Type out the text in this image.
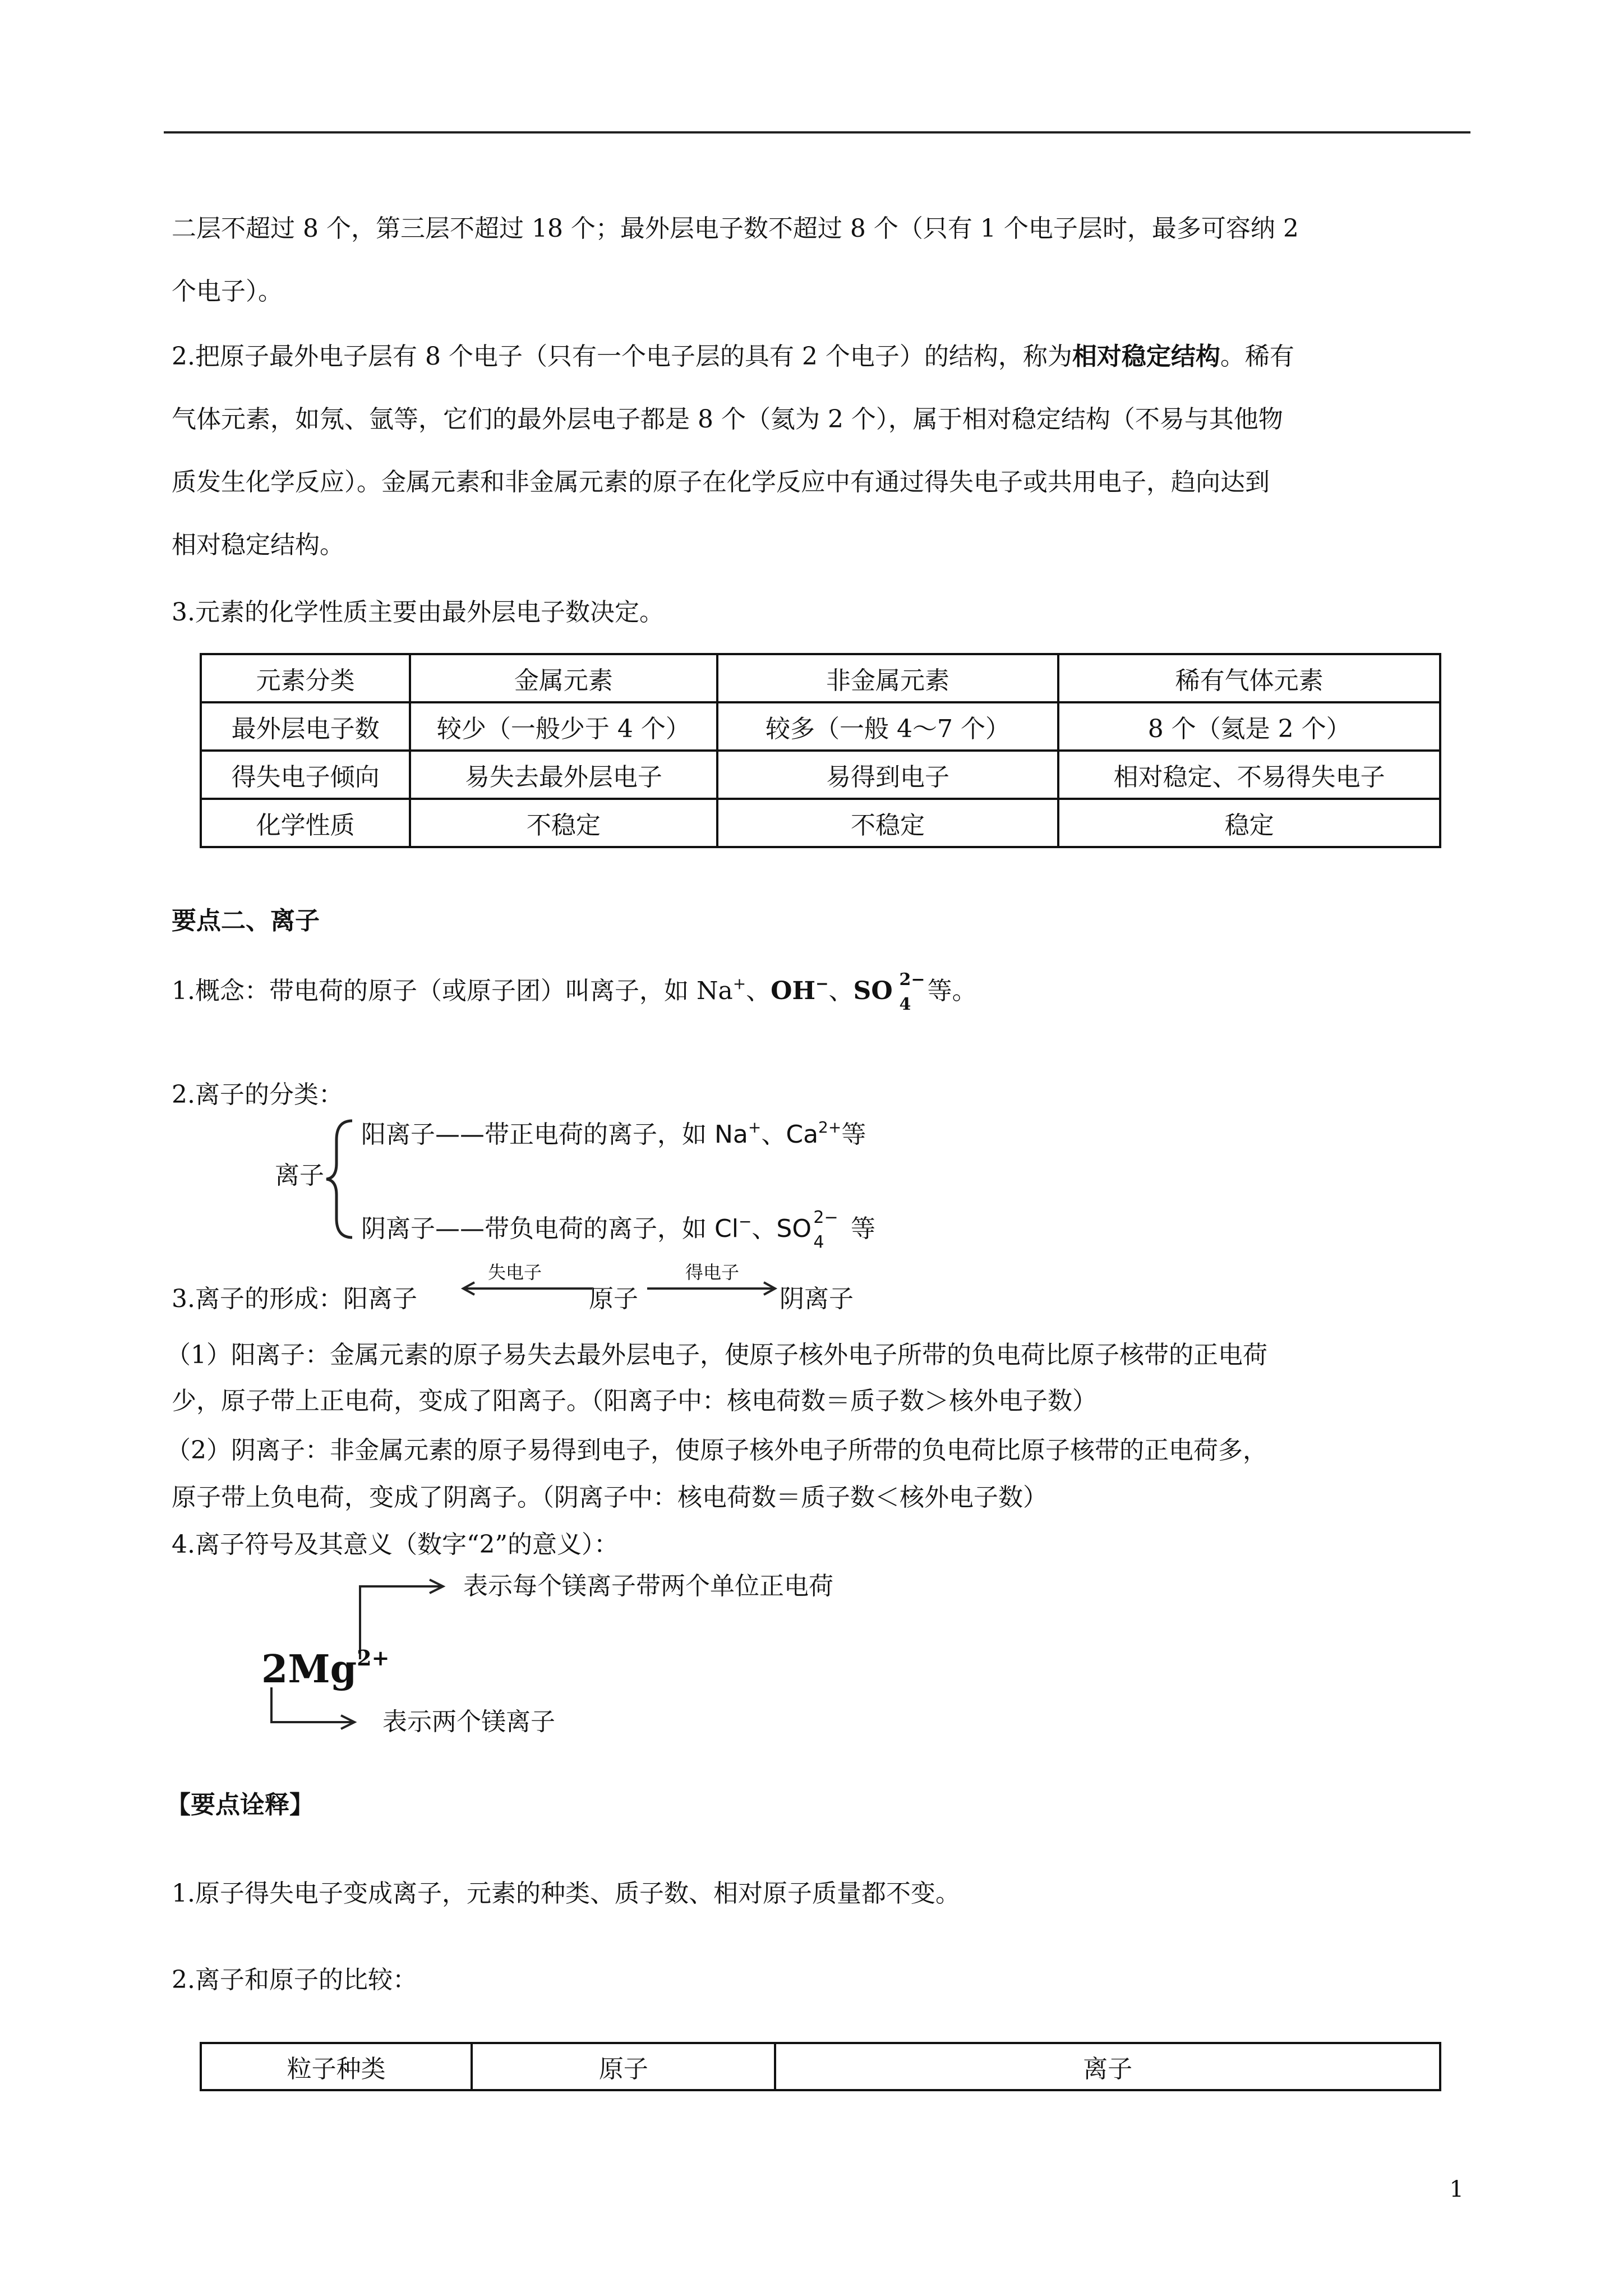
二层不超过 8 个，第三层不超过 18 个；最外层电子数不超过 8 个（只有 1 个电子层时，最多可容纳 2
个电子）。
2.把原子最外电子层有 8 个电子（只有一个电子层的具有 2 个电子）的结构，称为相对稳定结构。稀有
气体元素，如氖、氩等，它们的最外层电子都是 8 个（氦为 2 个），属于相对稳定结构（不易与其他物
质发生化学反应）。金属元素和非金属元素的原子在化学反应中有通过得失电子或共用电子，趋向达到
相对稳定结构。
3.元素的化学性质主要由最外层电子数决定。
元素分类	金属元素	非金属元素	稀有气体元素
最外层电子数	较少（一般少于 4 个）	较多（一般 4～7 个）	8 个（氦是 2 个）
得失电子倾向	易失去最外层电子	易得到电子	相对稳定、不易得失电子
化学性质	不稳定	不稳定	稳定
要点二、离子
1.概念：带电荷的原子（或原子团）叫离子，如 Na+、OH−、SO 2−
4 等。
2.离子的分类：
离子
阳离子——带正电荷的离子，如 Na+、$Ca^{2+}$等
阴离子——带负电荷的离子，如 Cl−、SO 2−
4 等
3.离子的形成：阳离子
失电子
原子
得电子
阴离子
（1）阳离子：金属元素的原子易失去最外层电子，使原子核外电子所带的负电荷比原子核带的正电荷
少，原子带上正电荷，变成了阳离子。（阳离子中：核电荷数＝质子数＞核外电子数）
（2）阴离子：非金属元素的原子易得到电子，使原子核外电子所带的负电荷比原子核带的正电荷多，
原子带上负电荷，变成了阴离子。（阴离子中：核电荷数＝质子数＜核外电子数）
4.离子符号及其意义（数字“2”的意义）：
$2Mg^{2+}$
表示每个镁离子带两个单位正电荷
表示两个镁离子
【要点诠释】
1.原子得失电子变成离子，元素的种类、质子数、相对原子质量都不变。
2.离子和原子的比较：
粒子种类	原子	离子
1
